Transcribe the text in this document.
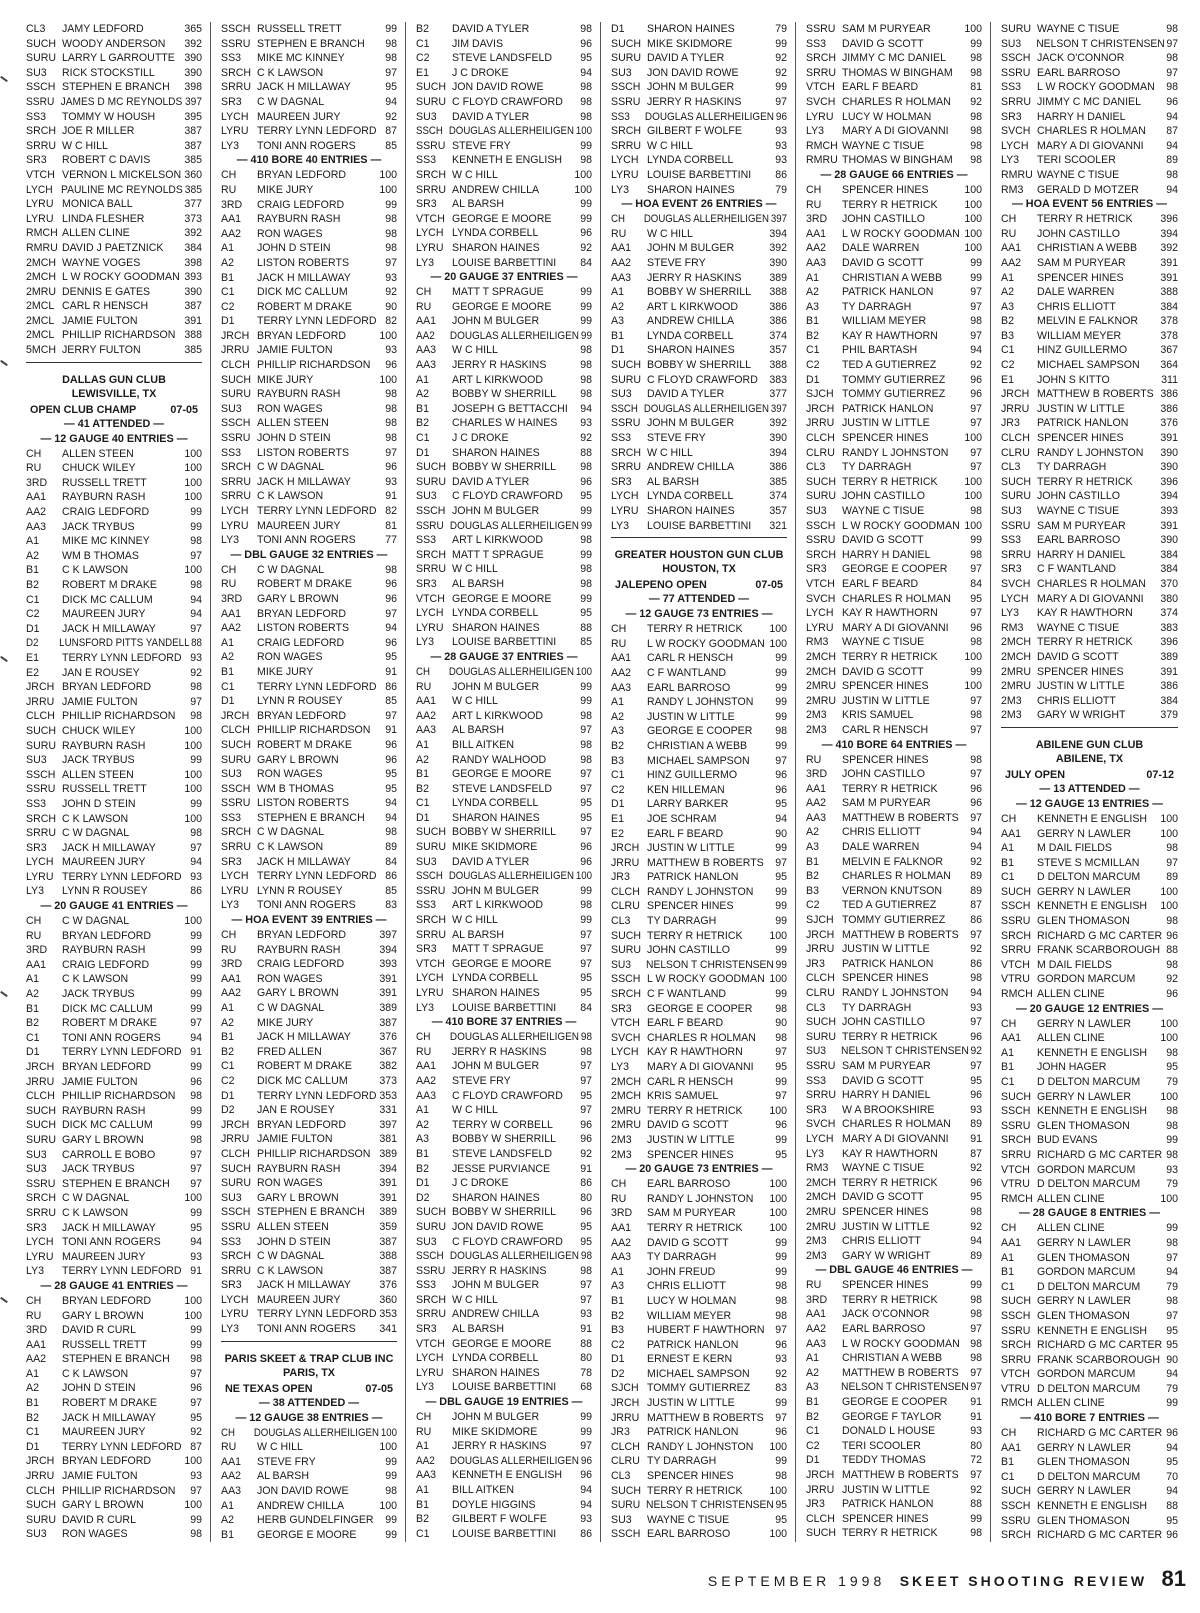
CL3	JAMY LEDFORD	365
SUCH WOODY ANDERSON	392
SURU LARRY L GARROUTTE 390
SU3	RICK STOCKSTILL	390
SSCH STEPHEN E BRANCH	398
SSRU JAMES D MC REYNOLDS 397
SS3	TOMMY W HOUSH	395
SRCH JOE R MILLER	387
SRRU W C HILL	387
SR3	ROBERT C DAVIS	385
VTCH VERNON L MICKELSON 360
LYCH PAULINE MC REYNOLDS 385
LYRU MONICA BALL	377
LYRU LINDA FLESHER	373
RMCH ALLEN CLINE	392
RMRU DAVID J PAETZNICK	384
2MCH WAYNE VOGES	398
2MCH L W ROCKY GOODMAN 393
2MRU DENNIS E GATES	390
2MCL CARL R HENSCH	387
2MCL JAMIE FULTON	391
2MCL PHILLIP RICHARDSON 388
5MCH JERRY FULTON	385
DALLAS GUN CLUB
LEWISVILLE, TX
OPEN CLUB CHAMP	07-05
— 41 ATTENDED —
— 12 GAUGE 40 ENTRIES —
CH	ALLEN STEEN	100
RU	CHUCK WILEY	100
3RD	RUSSELL TRETT	100
AA1	RAYBURN RASH	100
AA2	CRAIG LEDFORD	99
AA3	JACK TRYBUS	99
A1	MIKE MC KINNEY	98
A2	WM B THOMAS	97
B1	C K LAWSON	100
B2	ROBERT M DRAKE	98
C1	DICK MC CALLUM	94
C2	MAUREEN JURY	94
D1	JACK H MILLAWAY	97
D2	LUNSFORD PITTS YANDELL 88
E1	TERRY LYNN LEDFORD 93
E2	JAN E ROUSEY	92
JRCH BRYAN LEDFORD	98
JRRU JAMIE FULTON	97
CLCH PHILLIP RICHARDSON	98
SUCH CHUCK WILEY	100
SURU RAYBURN RASH	100
SU3	JACK TRYBUS	99
SSCH ALLEN STEEN	100
SSRU RUSSELL TRETT	100
SS3	JOHN D STEIN	99
SRCH C K LAWSON	100
SRRU C W DAGNAL	98
SR3	JACK H MILLAWAY	97
LYCH MAUREEN JURY	94
LYRU TERRY LYNN LEDFORD 93
LY3	LYNN R ROUSEY	86
— 20 GAUGE 41 ENTRIES —
CH	C W DAGNAL	100
RU	BRYAN LEDFORD	99
3RD	RAYBURN RASH	99
AA1	CRAIG LEDFORD	99
A1	C K LAWSON	99
A2	JACK TRYBUS	99
B1	DICK MC CALLUM	99
B2	ROBERT M DRAKE	97
C1	TONI ANN ROGERS	94
D1	TERRY LYNN LEDFORD 91
JRCH BRYAN LEDFORD	99
JRRU JAMIE FULTON	96
CLCH PHILLIP RICHARDSON	98
SUCH RAYBURN RASH	99
SUCH DICK MC CALLUM	99
SURU GARY L BROWN	98
SU3	CARROLL E BOBO	97
SU3	JACK TRYBUS	97
SSRU STEPHEN E BRANCH	97
SRCH C W DAGNAL	100
SRRU C K LAWSON	99
SR3	JACK H MILLAWAY	95
LYCH TONI ANN ROGERS	94
LYRU MAUREEN JURY	93
LY3	TERRY LYNN LEDFORD 91
— 28 GAUGE 41 ENTRIES —
CH	BRYAN LEDFORD	100
RU	GARY L BROWN	100
3RD	DAVID R CURL	99
AA1	RUSSELL TRETT	99
AA2	STEPHEN E BRANCH	98
A1	C K LAWSON	97
A2	JOHN D STEIN	96
B1	ROBERT M DRAKE	97
B2	JACK H MILLAWAY	95
C1	MAUREEN JURY	92
D1	TERRY LYNN LEDFORD 87
JRCH BRYAN LEDFORD	100
JRRU JAMIE FULTON	93
CLCH PHILLIP RICHARDSON	97
SUCH GARY L BROWN	100
SURU DAVID R CURL	99
SU3	RON WAGES	98
SSCH RUSSELL TRETT	99
SSRU STEPHEN E BRANCH	98
SS3	MIKE MC KINNEY	98
SRCH C K LAWSON	97
SRRU JACK H MILLAWAY	95
SR3	C W DAGNAL	94
LYCH MAUREEN JURY	92
LYRU TERRY LYNN LEDFORD 87
LY3	TONI ANN ROGERS	85
— 410 BORE 40 ENTRIES —
CH	BRYAN LEDFORD	100
RU	MIKE JURY	100
3RD	CRAIG LEDFORD	99
AA1	RAYBURN RASH	98
AA2	RON WAGES	98
A1	JOHN D STEIN	98
A2	LISTON ROBERTS	97
B1	JACK H MILLAWAY	93
C1	DICK MC CALLUM	92
C2	ROBERT M DRAKE	90
D1	TERRY LYNN LEDFORD 82
JRCH BRYAN LEDFORD	100
JRRU JAMIE FULTON	93
CLCH PHILLIP RICHARDSON	96
SUCH MIKE JURY	100
SURU RAYBURN RASH	98
SU3	RON WAGES	98
SSCH ALLEN STEEN	98
SSRU JOHN D STEIN	98
SS3	LISTON ROBERTS	97
SRCH C W DAGNAL	96
SRRU JACK H MILLAWAY	93
SRRU C K LAWSON	91
LYCH TERRY LYNN LEDFORD 82
LYRU MAUREEN JURY	81
LY3	TONI ANN ROGERS	77
— DBL GAUGE 32 ENTRIES —
CH	C W DAGNAL	98
RU	ROBERT M DRAKE	96
3RD	GARY L BROWN	96
AA1	BRYAN LEDFORD	97
AA2	LISTON ROBERTS	94
A1	CRAIG LEDFORD	96
A2	RON WAGES	95
B1	MIKE JURY	91
C1	TERRY LYNN LEDFORD 86
D1	LYNN R ROUSEY	85
JRCH BRYAN LEDFORD	97
CLCH PHILLIP RICHARDSON	91
SUCH ROBERT M DRAKE	96
SURU GARY L BROWN	96
SU3	RON WAGES	95
SSCH WM B THOMAS	95
SSRU LISTON ROBERTS	94
SS3	STEPHEN E BRANCH	94
SRCH C W DAGNAL	98
SRRU C K LAWSON	89
SR3	JACK H MILLAWAY	84
LYCH TERRY LYNN LEDFORD 86
LYRU LYNN R ROUSEY	85
LY3	TONI ANN ROGERS	83
— HOA EVENT 39 ENTRIES —
CH	BRYAN LEDFORD	397
RU	RAYBURN RASH	394
3RD	CRAIG LEDFORD	393
AA1	RON WAGES	391
AA2	GARY L BROWN	391
A1	C W DAGNAL	389
A2	MIKE JURY	387
B1	JACK H MILLAWAY	376
B2	FRED ALLEN	367
C1	ROBERT M DRAKE	382
C2	DICK MC CALLUM	373
D1	TERRY LYNN LEDFORD 353
D2	JAN E ROUSEY	331
JRCH BRYAN LEDFORD	397
JRRU JAMIE FULTON	381
CLCH PHILLIP RICHARDSON 389
SUCH RAYBURN RASH	394
SURU RON WAGES	391
SU3	GARY L BROWN	391
SSCH STEPHEN E BRANCH	389
SSRU ALLEN STEEN	359
SS3	JOHN D STEIN	387
SRCH C W DAGNAL	388
SRRU C K LAWSON	387
SR3	JACK H MILLAWAY	376
LYCH MAUREEN JURY	360
LYRU TERRY LYNN LEDFORD 353
LY3	TONI ANN ROGERS	341
PARIS SKEET & TRAP CLUB INC
PARIS, TX
NE TEXAS OPEN	07-05
— 38 ATTENDED —
— 12 GAUGE 38 ENTRIES —
CH	DOUGLAS ALLERHEILIGEN 100
RU	W C HILL	100
AA1	STEVE FRY	99
AA2	AL BARSH	99
AA3	JON DAVID ROWE	98
A1	ANDREW CHILLA	100
A2	HERB GUNDELFINGER	99
B1	GEORGE E MOORE	99
B2	DAVID A TYLER	98
C1	JIM DAVIS	96
C2	STEVE LANDSFELD	95
E1	J C DROKE	94
SUCH JON DAVID ROWE	98
SURU C FLOYD CRAWFORD	98
SU3	DAVID A TYLER	98
SSCH DOUGLAS ALLERHEILIGEN 100
SSRU STEVE FRY	99
SS3	KENNETH E ENGLISH	98
SRCH W C HILL	100
SRRU ANDREW CHILLA	100
SR3	AL BARSH	99
VTCH GEORGE E MOORE	99
LYCH LYNDA CORBELL	96
LYRU SHARON HAINES	92
LY3	LOUISE BARBETTINI	84
— 20 GAUGE 37 ENTRIES —
CH	MATT T SPRAGUE	99
RU	GEORGE E MOORE	99
AA1	JOHN M BULGER	99
AA2	DOUGLAS ALLERHEILIGEN 99
AA3	W C HILL	98
AA3	JERRY R HASKINS	98
A1	ART L KIRKWOOD	98
A2	BOBBY W SHERRILL	98
B1	JOSEPH G BETTACCHI	94
B2	CHARLES W HAINES	93
C1	J C DROKE	92
D1	SHARON HAINES	88
SUCH BOBBY W SHERRILL	98
SURU DAVID A TYLER	96
SU3	C FLOYD CRAWFORD	95
SSCH JOHN M BULGER	99
SSRU DOUGLAS ALLERHEILIGEN 99
SS3	ART L KIRKWOOD	98
SRCH MATT T SPRAGUE	99
SRRU W C HILL	98
SR3	AL BARSH	98
VTCH GEORGE E MOORE	99
LYCH LYNDA CORBELL	95
LYRU SHARON HAINES	88
LY3	LOUISE BARBETTINI	85
— 28 GAUGE 37 ENTRIES —
CH	DOUGLAS ALLERHEILIGEN 100
RU	JOHN M BULGER	99
AA1	W C HILL	99
AA2	ART L KIRKWOOD	98
AA3	AL BARSH	97
A1	BILL AITKEN	98
A2	RANDY WALHOOD	98
B1	GEORGE E MOORE	97
B2	STEVE LANDSFELD	97
C1	LYNDA CORBELL	95
D1	SHARON HAINES	95
SUCH BOBBY W SHERRILL	97
SURU MIKE SKIDMORE	96
SU3	DAVID A TYLER	96
SSCH DOUGLAS ALLERHEILIGEN 100
SSRU JOHN M BULGER	99
SS3	ART L KIRKWOOD	98
SRCH W C HILL	99
SRRU AL BARSH	97
SR3	MATT T SPRAGUE	97
VTCH GEORGE E MOORE	97
LYCH LYNDA CORBELL	95
LYRU SHARON HAINES	95
LY3	LOUISE BARBETTINI	84
— 410 BORE 37 ENTRIES —
CH	DOUGLAS ALLERHEILIGEN 98
RU	JERRY R HASKINS	98
AA1	JOHN M BULGER	97
AA2	STEVE FRY	97
AA3	C FLOYD CRAWFORD	95
A1	W C HILL	97
A2	TERRY W CORBELL	96
A3	BOBBY W SHERRILL	96
B1	STEVE LANDSFELD	92
B2	JESSE PURVIANCE	91
D1	J C DROKE	86
D2	SHARON HAINES	80
SUCH BOBBY W SHERRILL	96
SURU JON DAVID ROWE	95
SU3	C FLOYD CRAWFORD	95
SSCH DOUGLAS ALLERHEILIGEN 98
SSRU JERRY R HASKINS	98
SS3	JOHN M BULGER	97
SRCH W C HILL	97
SRRU ANDREW CHILLA	93
SR3	AL BARSH	91
VTCH GEORGE E MOORE	88
LYCH LYNDA CORBELL	80
LYRU SHARON HAINES	78
LY3	LOUISE BARBETTINI	68
— DBL GAUGE 19 ENTRIES —
CH	JOHN M BULGER	99
RU	MIKE SKIDMORE	99
A1	JERRY R HASKINS	97
AA2	DOUGLAS ALLERHEILIGEN 96
AA3	KENNETH E ENGLISH	96
A1	BILL AITKEN	94
B1	DOYLE HIGGINS	94
B2	GILBERT F WOLFE	93
C1	LOUISE BARBETTINI	86
D1	SHARON HAINES	79
SUCH MIKE SKIDMORE	99
SURU DAVID A TYLER	92
SU3	JON DAVID ROWE	92
SSCH JOHN M BULGER	99
SSRU JERRY R HASKINS	97
SS3	DOUGLAS ALLERHEILIGEN 96
SRCH GILBERT F WOLFE	93
SRRU W C HILL	93
LYCH LYNDA CORBELL	93
LYRU LOUISE BARBETTINI	86
LY3	SHARON HAINES	79
— HOA EVENT 26 ENTRIES —
CH	DOUGLAS ALLERHEILIGEN 397
RU	W C HILL	394
AA1	JOHN M BULGER	392
AA2	STEVE FRY	390
AA3	JERRY R HASKINS	389
A1	BOBBY W SHERRILL	388
A2	ART L KIRKWOOD	386
A3	ANDREW CHILLA	386
B1	LYNDA CORBELL	374
D1	SHARON HAINES	357
SUCH BOBBY W SHERRILL	388
SURU C FLOYD CRAWFORD	383
SU3	DAVID A TYLER	377
SSCH DOUGLAS ALLERHEILIGEN 397
SSRU JOHN M BULGER	392
SS3	STEVE FRY	390
SRCH W C HILL	394
SRRU ANDREW CHILLA	386
SR3	AL BARSH	385
LYCH LYNDA CORBELL	374
LYRU SHARON HAINES	357
LY3	LOUISE BARBETTINI	321
GREATER HOUSTON GUN CLUB
HOUSTON, TX
JALEPENO OPEN	07-05
— 77 ATTENDED —
— 12 GAUGE 73 ENTRIES —
CH	TERRY R HETRICK	100
RU	L W ROCKY GOODMAN 100
AA1	CARL R HENSCH	99
AA2	C F WANTLAND	99
AA3	EARL BARROSO	99
A1	RANDY L JOHNSTON	99
A2	JUSTIN W LITTLE	99
A3	GEORGE E COOPER	98
B2	CHRISTIAN A WEBB	99
B3	MICHAEL SAMPSON	97
C1	HINZ GUILLERMO	96
C2	KEN HILLEMAN	96
D1	LARRY BARKER	95
E1	JOE SCHRAM	94
E2	EARL F BEARD	90
JRCH JUSTIN W LITTLE	99
JRRU MATTHEW B ROBERTS	97
JR3	PATRICK HANLON	95
CLCH RANDY L JOHNSTON	99
CLRU SPENCER HINES	99
CL3	TY DARRAGH	99
SUCH TERRY R HETRICK	100
SURU JOHN CASTILLO	99
SU3	NELSON T CHRISTENSEN 99
SSCH L W ROCKY GOODMAN 100
SRCH C F WANTLAND	99
SR3	GEORGE E COOPER	98
VTCH EARL F BEARD	90
SVCH CHARLES R HOLMAN	98
LYCH KAY R HAWTHORN	97
LY3	MARY A DI GIOVANNI	95
2MCH CARL R HENSCH	99
2MCH KRIS SAMUEL	97
2MRU TERRY R HETRICK	100
2MRU DAVID G SCOTT	96
2M3	JUSTIN W LITTLE	99
2M3	SPENCER HINES	95
— 20 GAUGE 73 ENTRIES —
CH	EARL BARROSO	100
RU	RANDY L JOHNSTON	100
3RD	SAM M PURYEAR	100
AA1	TERRY R HETRICK	100
AA2	DAVID G SCOTT	99
AA3	TY DARRAGH	99
A1	JOHN FREUD	99
A3	CHRIS ELLIOTT	98
B1	LUCY W HOLMAN	98
B2	WILLIAM MEYER	98
B3	HUBERT F HAWTHORN	97
C2	PATRICK HANLON	96
D1	ERNEST E KERN	93
D2	MICHAEL SAMPSON	92
SJCH TOMMY GUTIERREZ	83
JRCH JUSTIN W LITTLE	99
JRRU MATTHEW B ROBERTS	97
JR3	PATRICK HANLON	96
CLCH RANDY L JOHNSTON	100
CLRU TY DARRAGH	99
CL3	SPENCER HINES	98
SUCH TERRY R HETRICK	100
SURU NELSON T CHRISTENSEN 95
SU3	WAYNE C TISUE	95
SSCH EARL BARROSO	100
SSRU SAM M PURYEAR	100
SS3	DAVID G SCOTT	99
SRCH JIMMY C MC DANIEL	98
SRRU THOMAS W BINGHAM	98
VTCH EARL F BEARD	81
SVCH CHARLES R HOLMAN	92
LYRU LUCY W HOLMAN	98
LY3	MARY A DI GIOVANNI	98
RMCH WAYNE C TISUE	98
RMRU THOMAS W BINGHAM	98
— 28 GAUGE 66 ENTRIES —
CH	SPENCER HINES	100
RU	TERRY R HETRICK	100
3RD	JOHN CASTILLO	100
AA1	L W ROCKY GOODMAN 100
AA2	DALE WARREN	100
AA3	DAVID G SCOTT	99
A1	CHRISTIAN A WEBB	99
A2	PATRICK HANLON	97
A3	TY DARRAGH	97
B1	WILLIAM MEYER	98
B2	KAY R HAWTHORN	97
C1	PHIL BARTASH	94
C2	TED A GUTIERREZ	92
D1	TOMMY GUTIERREZ	96
SJCH TOMMY GUTIERREZ	96
JRCH PATRICK HANLON	97
JRRU JUSTIN W LITTLE	97
CLCH SPENCER HINES	100
CLRU RANDY L JOHNSTON	97
CL3	TY DARRAGH	97
SUCH TERRY R HETRICK	100
SURU JOHN CASTILLO	100
SU3	WAYNE C TISUE	98
SSCH L W ROCKY GOODMAN 100
SSRU DAVID G SCOTT	99
SRCH HARRY H DANIEL	98
SR3	GEORGE E COOPER	97
VTCH EARL F BEARD	84
SVCH CHARLES R HOLMAN	95
LYCH KAY R HAWTHORN	97
LYRU MARY A DI GIOVANNI	96
RM3	WAYNE C TISUE	98
2MCH TERRY R HETRICK	100
2MCH DAVID G SCOTT	99
2MRU SPENCER HINES	100
2MRU JUSTIN W LITTLE	97
2M3	KRIS SAMUEL	98
2M3	CARL R HENSCH	97
— 410 BORE 64 ENTRIES —
RU	SPENCER HINES	98
3RD	JOHN CASTILLO	97
AA1	TERRY R HETRICK	96
AA2	SAM M PURYEAR	96
AA3	MATTHEW B ROBERTS	97
A2	CHRIS ELLIOTT	94
A3	DALE WARREN	94
B1	MELVIN E FALKNOR	92
B2	CHARLES R HOLMAN	89
B3	VERNON KNUTSON	89
C2	TED A GUTIERREZ	87
SJCH TOMMY GUTIERREZ	86
JRCH MATTHEW B ROBERTS	97
JRRU JUSTIN W LITTLE	92
JR3	PATRICK HANLON	86
CLCH SPENCER HINES	98
CLRU RANDY L JOHNSTON	94
CL3	TY DARRAGH	93
SUCH JOHN CASTILLO	97
SURU TERRY R HETRICK	96
SU3	NELSON T CHRISTENSEN 92
SSRU SAM M PURYEAR	97
SS3	DAVID G SCOTT	95
SRRU HARRY H DANIEL	96
SR3	W A BROOKSHIRE	93
SVCH CHARLES R HOLMAN	89
LYCH MARY A DI GIOVANNI	91
LY3	KAY R HAWTHORN	87
RM3	WAYNE C TISUE	92
2MCH TERRY R HETRICK	96
2MCH DAVID G SCOTT	95
2MRU SPENCER HINES	98
2MRU JUSTIN W LITTLE	92
2M3	CHRIS ELLIOTT	94
2M3	GARY W WRIGHT	89
— DBL GAUGE 46 ENTRIES —
RU	SPENCER HINES	99
3RD	TERRY R HETRICK	98
AA1	JACK O'CONNOR	98
AA2	EARL BARROSO	97
AA3	L W ROCKY GOODMAN 98
A1	CHRISTIAN A WEBB	98
A2	MATTHEW B ROBERTS	97
A3	NELSON T CHRISTENSEN 97
B1	GEORGE E COOPER	91
B2	GEORGE F TAYLOR	91
C1	DONALD L HOUSE	93
C2	TERI SCOOLER	80
D1	TEDDY THOMAS	72
JRCH MATTHEW B ROBERTS	97
JRRU JUSTIN W LITTLE	92
JR3	PATRICK HANLON	88
CLCH SPENCER HINES	99
SUCH TERRY R HETRICK	98
SURU WAYNE C TISUE	98
SU3	NELSON T CHRISTENSEN 97
SSCH JACK O'CONNOR	98
SSRU EARL BARROSO	97
SS3	L W ROCKY GOODMAN	98
SRRU JIMMY C MC DANIEL	96
SR3	HARRY H DANIEL	94
SVCH CHARLES R HOLMAN	87
LYCH MARY A DI GIOVANNI	94
LY3	TERI SCOOLER	89
RMRU WAYNE C TISUE	98
RM3	GERALD D MOTZER	94
— HOA EVENT 56 ENTRIES —
CH	TERRY R HETRICK	396
RU	JOHN CASTILLO	394
AA1	CHRISTIAN A WEBB	392
AA2	SAM M PURYEAR	391
A1	SPENCER HINES	391
A2	DALE WARREN	388
A3	CHRIS ELLIOTT	384
B2	MELVIN E FALKNOR	378
B3	WILLIAM MEYER	378
C1	HINZ GUILLERMO	367
C2	MICHAEL SAMPSON	364
E1	JOHN S KITTO	311
JRCH MATTHEW B ROBERTS 386
JRRU JUSTIN W LITTLE	386
JR3	PATRICK HANLON	376
CLCH SPENCER HINES	391
CLRU RANDY L JOHNSTON	390
CL3	TY DARRAGH	390
SUCH TERRY R HETRICK	396
SURU JOHN CASTILLO	394
SU3	WAYNE C TISUE	393
SSRU SAM M PURYEAR	391
SS3	EARL BARROSO	390
SRRU HARRY H DANIEL	384
SR3	C F WANTLAND	384
SVCH CHARLES R HOLMAN	370
LYCH MARY A DI GIOVANNI	380
LY3	KAY R HAWTHORN	374
RM3	WAYNE C TISUE	383
2MCH TERRY R HETRICK	396
2MCH DAVID G SCOTT	389
2MRU SPENCER HINES	391
2MRU JUSTIN W LITTLE	386
2M3	CHRIS ELLIOTT	384
2M3	GARY W WRIGHT	379
ABILENE GUN CLUB
ABILENE, TX
JULY OPEN	07-12
— 13 ATTENDED —
— 12 GAUGE 13 ENTRIES —
CH	KENNETH E ENGLISH	100
AA1	GERRY N LAWLER	100
A1	M DAIL FIELDS	98
B1	STEVE S MCMILLAN	97
C1	D DELTON MARCUM	89
SUCH GERRY N LAWLER	100
SSCH KENNETH E ENGLISH	100
SSRU GLEN THOMASON	98
SRCH RICHARD G MC CARTER 96
SRRU FRANK SCARBOROUGH 88
VTCH M DAIL FIELDS	98
VTRU GORDON MARCUM	92
RMCH ALLEN CLINE	96
— 20 GAUGE 12 ENTRIES —
CH	GERRY N LAWLER	100
AA1	ALLEN CLINE	100
A1	KENNETH E ENGLISH	98
B1	JOHN HAGER	95
C1	D DELTON MARCUM	79
SUCH GERRY N LAWLER	100
SSCH KENNETH E ENGLISH	98
SSRU GLEN THOMASON	98
SRCH BUD EVANS	99
SRRU RICHARD G MC CARTER 98
VTCH GORDON MARCUM	93
VTRU D DELTON MARCUM	79
RMCH ALLEN CLINE	100
— 28 GAUGE 8 ENTRIES —
CH	ALLEN CLINE	99
AA1	GERRY N LAWLER	98
A1	GLEN THOMASON	97
B1	GORDON MARCUM	94
C1	D DELTON MARCUM	79
SUCH GERRY N LAWLER	98
SSCH GLEN THOMASON	97
SSRU KENNETH E ENGLISH	95
SRCH RICHARD G MC CARTER 95
SRRU FRANK SCARBOROUGH 90
VTCH GORDON MARCUM	94
VTRU D DELTON MARCUM	79
RMCH ALLEN CLINE	99
— 410 BORE 7 ENTRIES —
CH	RICHARD G MC CARTER 96
AA1	GERRY N LAWLER	94
B1	GLEN THOMASON	95
C1	D DELTON MARCUM	70
SUCH GERRY N LAWLER	94
SSCH KENNETH E ENGLISH	88
SSRU GLEN THOMASON	95
SRCH RICHARD G MC CARTER 96
SEPTEMBER 1998 SKEET SHOOTING REVIEW 81
